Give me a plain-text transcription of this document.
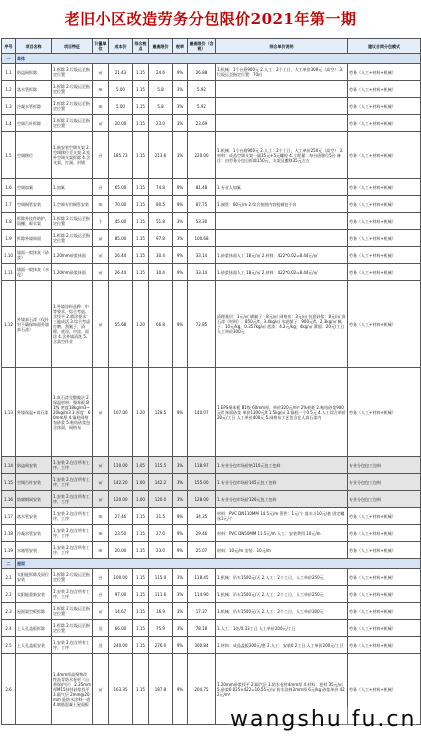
老旧小区改造劳务分包限价2021年第一期
序号	项目名称	项目特征	计量单位	成本价	综合税点	最高限价	税率	最高限价（含税）	综合单价说明	建议合同分包模式
一	单体									
1.1	防盗网拆除	1.拆除 2.垃圾运至指定位置	㎡	21.43	1.15	24.6	9%	26.88	1.机械：1个台班900元 2.人工：2个工日，人工单价300元（高空） 3.垃圾运至指定位置：70㎡	劳务（人工+材料+机械）
1.2	落水管拆除	1.拆除 2.垃圾运至指定位置	m	5.00	1.15	5.8	3%	5.92		劳务（人工+材料+机械）
1.3	冷凝水管拆除	1.拆除 2.垃圾运至指定位置	m	5.00	1.15	5.8	3%	5.92		劳务（人工+材料+机械）
1.4	空调百叶拆除	1.拆除 2.垃圾运至指定位置	㎡	20.00	1.15	23.0	3%	23.69		劳务（人工+材料+机械）
1.5	空调移位	1.新安装空调支架 2.空调移位至支架 3.室外空调支架拆除 4.含支架、打洞、封堵	台	185.73	1.15	213.6	3%	220.00	1.机械：1个台班900元 2.人工：2个工日，人工单价250元（高空） 3.材料：成品空调支架一副35元+5元螺栓 4.工程量：每台班移位5台 备注：由劳务分包自拆除150元、支架及搬移35元左右	劳务（人工+材料+机械）
1.6	空调加氟	1.加氟	台	65.00	1.15	74.8	9%	81.48	1.专业人加氟	劳务（人工+材料+机械）
1.7	空调铜管安装	1.空调专用铜管安装	m	70.00	1.15	80.5	9%	87.75	1.铜管：60元/m 2.综合按照内容机械包干价	劳务（人工+材料+机械）
1.8	拆除外挂件防护、雨棚、晾衣架	1.拆除 2.垃圾运至指定位置	个	45.00	1.15	51.8	3%	53.30		劳务（人工+材料+机械）
1.9	拆除外墙饰面	1.拆除 2.垃圾运至指定位置	㎡	85.00	1.15	97.8	3%	100.68		劳务（人工+材料+机械）
1.10	墙面一般抹灰（砂浆）	1.20mm砂浆抹面	㎡	26.44	1.15	30.4	9%	33.14	1.砂浆抹面人工 18元/㎡ 2.材料：422*0.02=8.44元/㎡	劳务（人工+材料+机械）
1.11	墙面一般抹灰（水泥）	1.20mm砂浆抹面	㎡	26.44	1.15	30.4	9%	33.14	1.砂浆抹面人工 18元/㎡ 2.材料：422*0.02=8.44元/㎡	劳务（人工+材料+机械）
1.12	外墙真石漆（仅针对不确保饰面外墙真石漆）	1.外墙涂料品种：中等要求、综合考虑、含找平 2.喷涂要求：三遍成活 3.综合考虑打磨、刮腻子、清理、底涂、中涂、面涂 4.含外墙清洗 5.含高空作业	㎡	55.68	1.20	66.8	9%	72.85	清理基层：1元/㎡ 刷腻子：8元/㎡ 网格布：3元/㎡ 抗裂砂浆：8元/㎡ 真石漆（材料）：850元/t，3.4kg/㎡ 水泥腻子：900元/t，2.3kg/㎡ 腻子：10元/kg，0.357kg/㎡ 底漆：4.2元/kg，4kg/㎡ 罩面：20元/工日 人工单价300元	劳务（人工+材料+机械）
1.13	外墙保温+真石漆	1.真石漆完整做法 2.保温材料：聚苯板 B1级 密度18kg/m3~20kg/m3 3.厚度：60mm厚 4.锚栓网格布砂浆 5.粘结砂浆包含抹面、网格布	㎡	107.00	1.20	128.5	9%	140.07	1.EPS聚苯板 B1级 60mm厚，单价320元/m³ 2%损耗 2.粘结砂浆900元/t 抹面砂浆 单价1300元/t 1.5kg/㎡ 3.锚栓一个0.5元 4.人工综合单价30元/工日 人工单价400元 5.网格布工艺包含在人真石漆内	劳务（人工+材料+机械）
1.14	防盗网安装	1.安装 2.包含所有工序、工序	㎡	110.00	1.05	115.5	3%	118.97	1.专业分包市场价格110元包工包料	专业分包包工包料
1.15	空调百叶安装	1.安装 2.包含所有工序、工序	㎡	142.20	1.00	142.2	3%	155.00	1.专业分包市场价145元包工包料	专业分包包工包料
1.16	防腐钢网安装	1.安装 2.包含所有工序、工序	㎡	120.00	1.00	120.0	3%	128.00	1.专业分包市场价120元包工包料	专业分包包工包料
1.17	落水管安装	1.安装 2.包含所有工序、工序	m	27.46	1.15	31.5	9%	34.35	材料：PVC DN110MM 14.5元/m 管件：1元/个 落水斗10元/套 固定螺丝1元/个	劳务（人工+材料+机械）
1.18	冷凝水管安装	1.安装 2.包含所有工序、工序	m	23.50	1.15	27.0	9%	29.46	材料：PVC DN50MM 11.5元/m 人工：安装费用 10元/m	劳务（人工+材料+机械）
1.19	水箱管安装	1.安装 2.包含所有工序、工序	m	20.00	1.15	23.0	9%	25.07	材料：10元/m 安装：10元/m	劳务（人工+材料+机械）
二	屋面									
2.1	太阳能拆除及原位安装	1.拆除 2.垃圾运至指定位置	台	100.00	1.15	115.0	3%	118.45	1.机械：吊车1500元/天 2.人工：2个工日，人工单价250元	劳务（人工+材料+机械）
2.2	太阳能重新安装	1.安装 2.包含所有工序、工序	台	97.00	1.15	111.6	3%	114.90	1.机械：吊车1500元/天 2.人工：2个工日，人工单价250元	劳务（人工+材料+机械）
2.3	屋面架空板拆除	1.拆除 2.垃圾运至指定位置	㎡	14.67	1.15	16.9	3%	17.37	1.机械：吊车1500元/天 2.人工：2个工日，人工单价300元	劳务（人工+材料+机械）
2.4	上人孔盖板拆除	1.拆除 2.垃圾运至指定位置	处	66.00	1.15	75.9	3%	78.18	1.人工：1处/0.33工日 人工单价200元/工日	劳务（人工+材料+机械）
2.5	上人孔盖板安装	1.安装 2.包含所有工序、工序	处	240.00	1.15	276.0	9%	300.84	1.材料：成品盖板200元/套 2.人工：安装0.2工日 人工单价200元/工日	劳务（人工+材料+机械）
2.6		1.4mm厚高聚物改性沥青防水卷材（自带保护层） 2.25mm厚M15抹拌砂浆找平 3.隔气层 2mm@20mm 能防水涂料一道 4.钢筋混凝土屋面板	㎡	163.35	1.15	187.8	9%	204.75	1.20mm砂浆找平 2.隔汽层 3.防水卷材4mm厚 4.材料：卷材 35元/㎡ 5.砂浆0.025×422=10.55元/㎡ 防水涂料2mm厚 6元/kg 砂浆单价 422元/m³	劳务（人工+材料+机械）
wangshu fu.cn
